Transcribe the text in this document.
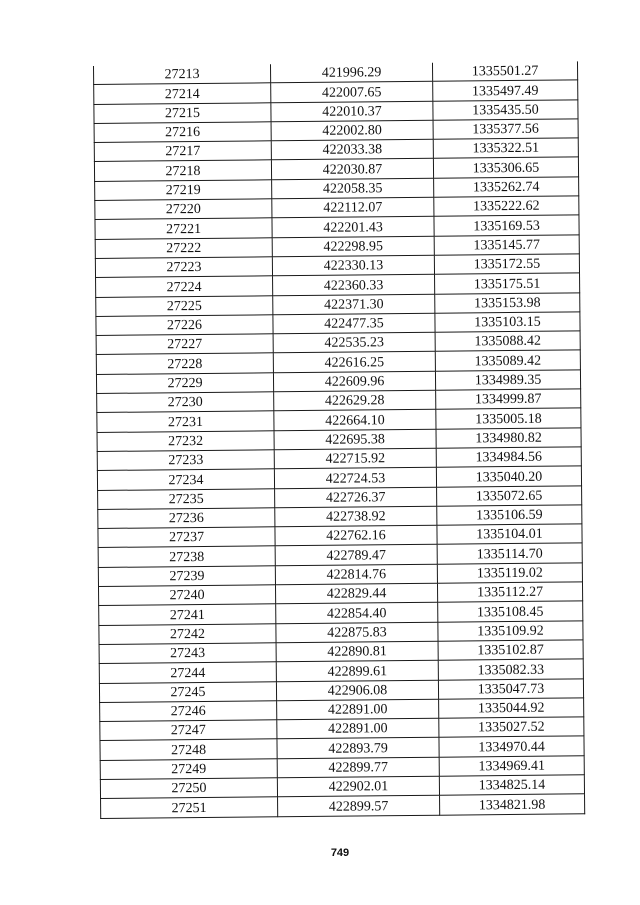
27213	421996.29	1335501.27
27214	422007.65	1335497.49
27215	422010.37	1335435.50
27216	422002.80	1335377.56
27217	422033.38	1335322.51
27218	422030.87	1335306.65
27219	422058.35	1335262.74
27220	422112.07	1335222.62
27221	422201.43	1335169.53
27222	422298.95	1335145.77
27223	422330.13	1335172.55
27224	422360.33	1335175.51
27225	422371.30	1335153.98
27226	422477.35	1335103.15
27227	422535.23	1335088.42
27228	422616.25	1335089.42
27229	422609.96	1334989.35
27230	422629.28	1334999.87
27231	422664.10	1335005.18
27232	422695.38	1334980.82
27233	422715.92	1334984.56
27234	422724.53	1335040.20
27235	422726.37	1335072.65
27236	422738.92	1335106.59
27237	422762.16	1335104.01
27238	422789.47	1335114.70
27239	422814.76	1335119.02
27240	422829.44	1335112.27
27241	422854.40	1335108.45
27242	422875.83	1335109.92
27243	422890.81	1335102.87
27244	422899.61	1335082.33
27245	422906.08	1335047.73
27246	422891.00	1335044.92
27247	422891.00	1335027.52
27248	422893.79	1334970.44
27249	422899.77	1334969.41
27250	422902.01	1334825.14
27251	422899.57	1334821.98
749
